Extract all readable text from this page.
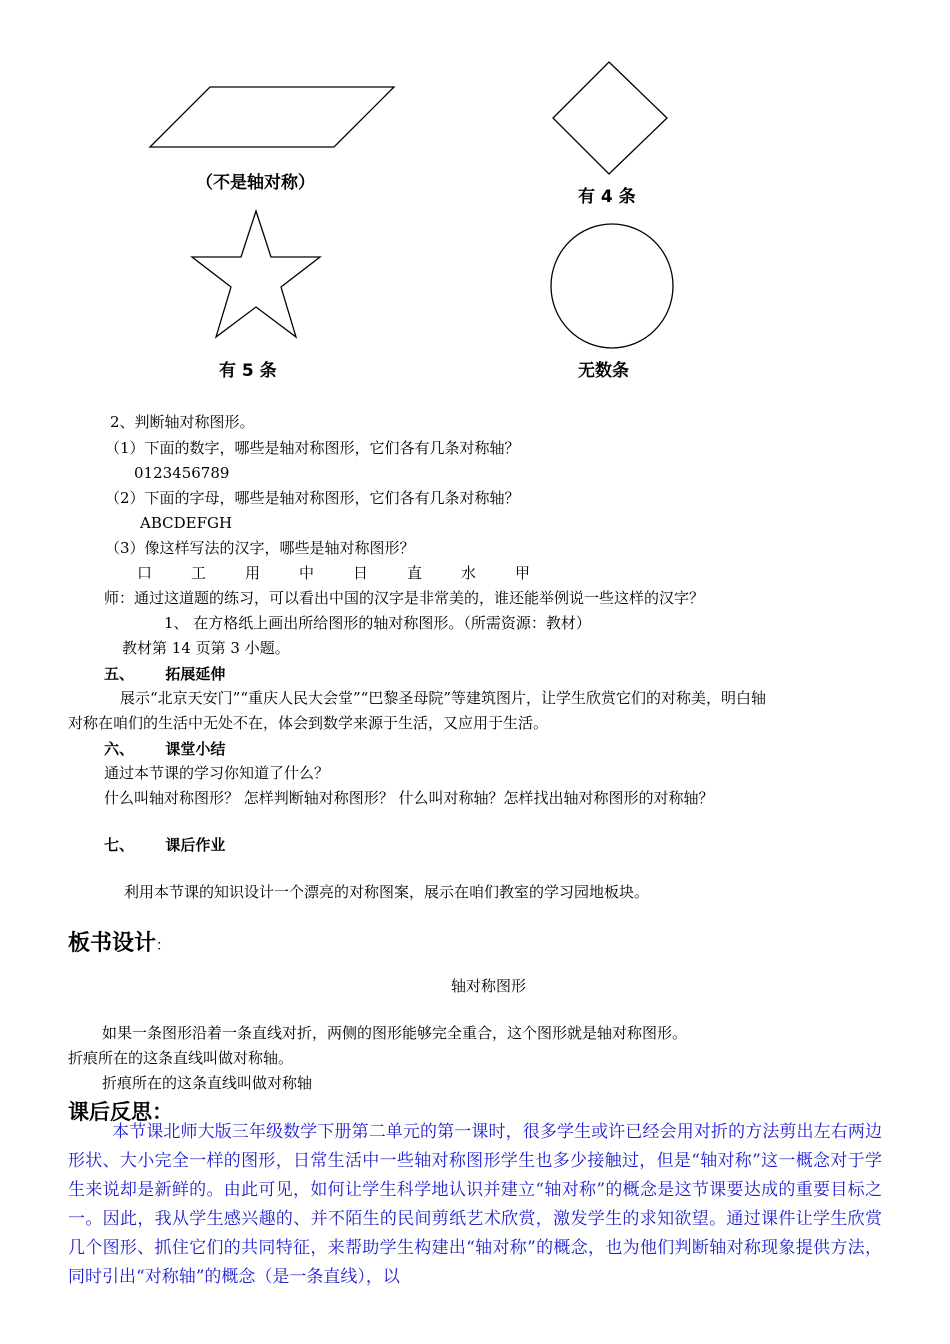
（不是轴对称）
有 4 条
有 5 条	无数条
2、判断轴对称图形。
（1）下面的数字，哪些是轴对称图形，它们各有几条对称轴？
0123456789
（2）下面的字母，哪些是轴对称图形，它们各有几条对称轴？
ABCDEFGH
（3）像这样写法的汉字，哪些是轴对称图形？
口	工	用	中	日	直	水	甲
师：通过这道题的练习，可以看出中国的汉字是非常美的，谁还能举例说一些这样的汉字？
1、 在方格纸上画出所给图形的轴对称图形。（所需资源：教材）
教材第 14 页第 3 小题。
五、      拓展延伸
展示“北京天安门”“重庆人民大会堂”“巴黎圣母院”等建筑图片，让学生欣赏它们的对称美，明白轴
对称在咱们的生活中无处不在，体会到数学来源于生活，又应用于生活。
六、      课堂小结
通过本节课的学习你知道了什么？
什么叫轴对称图形？ 怎样判断轴对称图形？ 什么叫对称轴？怎样找出轴对称图形的对称轴？
七、      课后作业
利用本节课的知识设计一个漂亮的对称图案，展示在咱们教室的学习园地板块。
板书设计：
轴对称图形
如果一条图形沿着一条直线对折，两侧的图形能够完全重合，这个图形就是轴对称图形。
折痕所在的这条直线叫做对称轴。
折痕所在的这条直线叫做对称轴
课后反思：
本节课北师大版三年级数学下册第二单元的第一课时，很多学生或许已经会用对折的方法剪出左右两边形状、大小完全一样的图形，日常生活中一些轴对称图形学生也多少接触过，但是“轴对称”这一概念对于学生来说却是新鲜的。由此可见，如何让学生科学地认识并建立“轴对称”的概念是这节课要达成的重要目标之一。因此，我从学生感兴趣的、并不陌生的民间剪纸艺术欣赏，激发学生的求知欲望。通过课件让学生欣赏几个图形、抓住它们的共同特征，来帮助学生构建出“轴对称”的概念，也为他们判断轴对称现象提供方法，同时引出“对称轴”的概念（是一条直线），以
